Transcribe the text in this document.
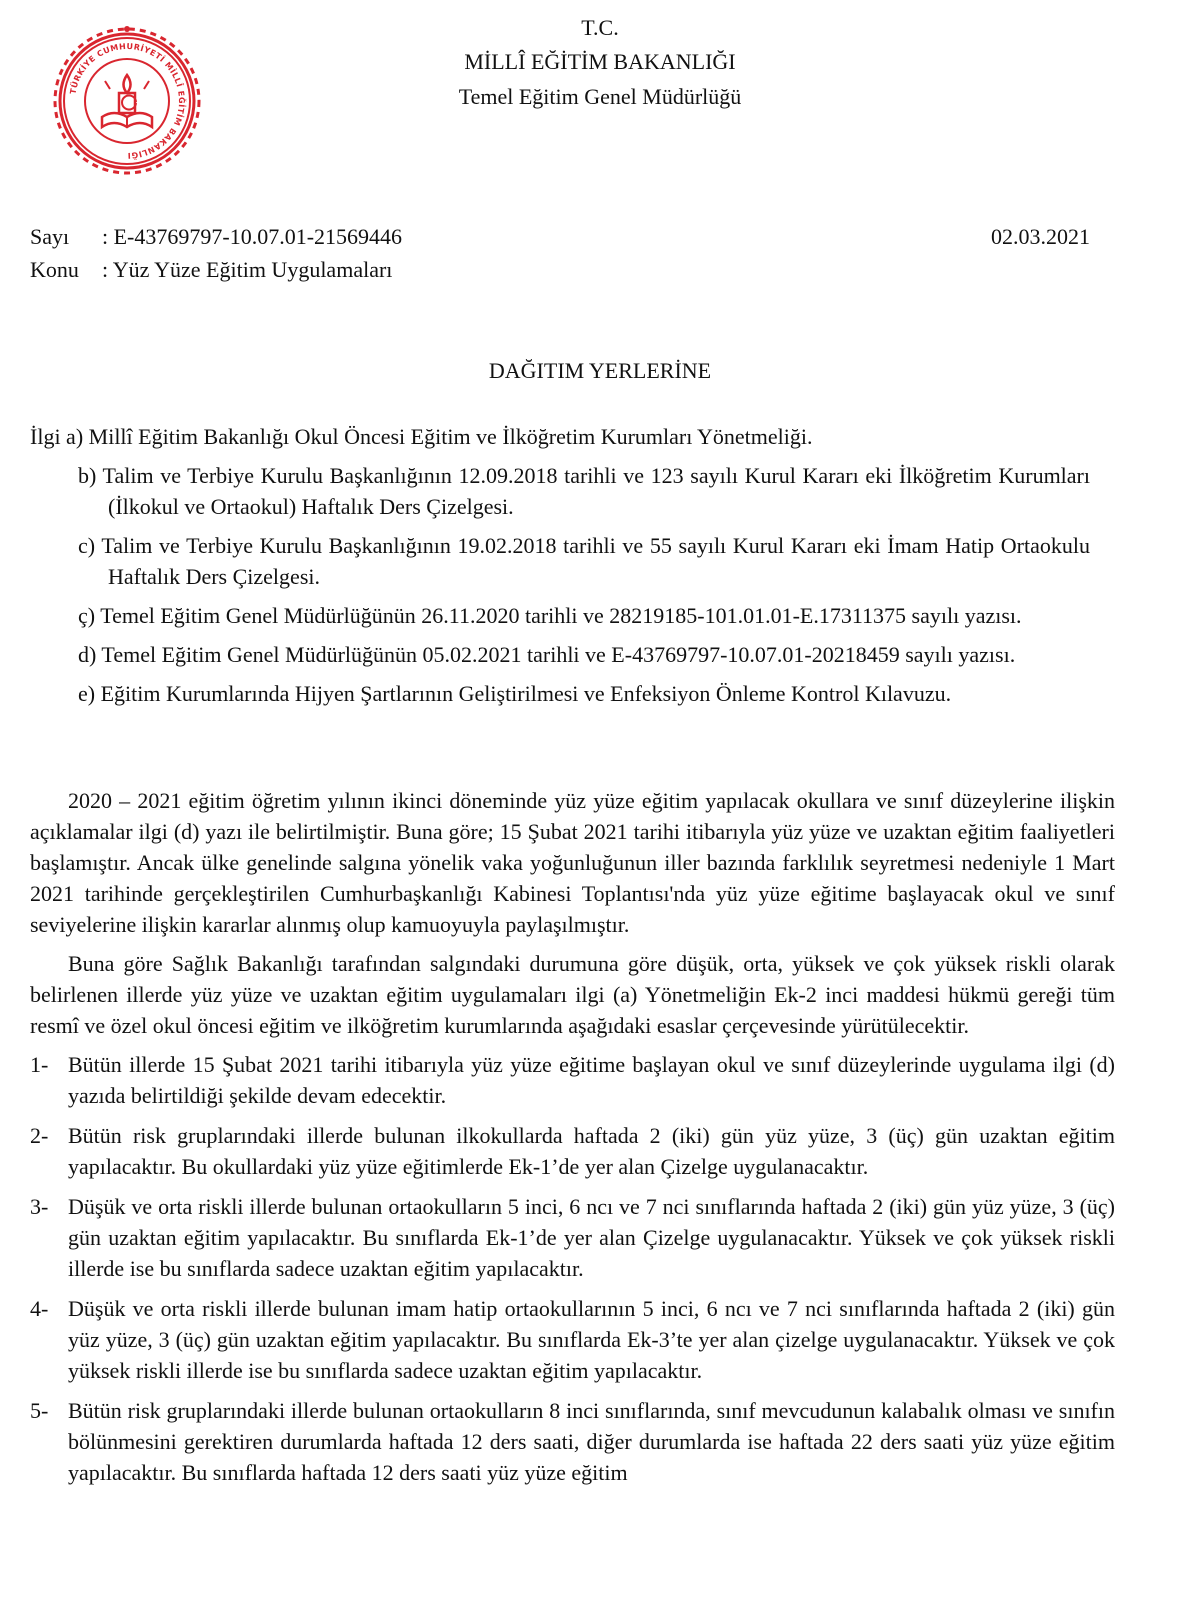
TÜRKİYE CUMHURİYETİ MİLLÎ EĞİTİM BAKANLIĞI
T.C.
MİLLÎ EĞİTİM BAKANLIĞI
Temel Eğitim Genel Müdürlüğü
Sayı : E-43769797-10.07.01-21569446	02.03.2021
Konu : Yüz Yüze Eğitim Uygulamaları
DAĞITIM YERLERİNE

İlgi a) Millî Eğitim Bakanlığı Okul Öncesi Eğitim ve İlköğretim Kurumları Yönetmeliği.

b) Talim ve Terbiye Kurulu Başkanlığının 12.09.2018 tarihli ve 123 sayılı Kurul Kararı eki İlköğretim Kurumları (İlkokul ve Ortaokul) Haftalık Ders Çizelgesi.

c) Talim ve Terbiye Kurulu Başkanlığının 19.02.2018 tarihli ve 55 sayılı Kurul Kararı eki İmam Hatip Ortaokulu Haftalık Ders Çizelgesi.

ç) Temel Eğitim Genel Müdürlüğünün 26.11.2020 tarihli ve 28219185-101.01.01-E.17311375 sayılı yazısı.

d) Temel Eğitim Genel Müdürlüğünün 05.02.2021 tarihli ve E-43769797-10.07.01-20218459 sayılı yazısı.

e) Eğitim Kurumlarında Hijyen Şartlarının Geliştirilmesi ve Enfeksiyon Önleme Kontrol Kılavuzu.

2020 – 2021 eğitim öğretim yılının ikinci döneminde yüz yüze eğitim yapılacak okullara ve sınıf düzeylerine ilişkin açıklamalar ilgi (d) yazı ile belirtilmiştir. Buna göre; 15 Şubat 2021 tarihi itibarıyla yüz yüze ve uzaktan eğitim faaliyetleri başlamıştır. Ancak ülke genelinde salgına yönelik vaka yoğunluğunun iller bazında farklılık seyretmesi nedeniyle 1 Mart 2021 tarihinde gerçekleştirilen Cumhurbaşkanlığı Kabinesi Toplantısı'nda yüz yüze eğitime başlayacak okul ve sınıf seviyelerine ilişkin kararlar alınmış olup kamuoyuyla paylaşılmıştır.

Buna göre Sağlık Bakanlığı tarafından salgındaki durumuna göre düşük, orta, yüksek ve çok yüksek riskli olarak belirlenen illerde yüz yüze ve uzaktan eğitim uygulamaları ilgi (a) Yönetmeliğin Ek-2 inci maddesi hükmü gereği tüm resmî ve özel okul öncesi eğitim ve ilköğretim kurumlarında aşağıdaki esaslar çerçevesinde yürütülecektir.

1- Bütün illerde 15 Şubat 2021 tarihi itibarıyla yüz yüze eğitime başlayan okul ve sınıf düzeylerinde uygulama ilgi (d) yazıda belirtildiği şekilde devam edecektir.
2- Bütün risk gruplarındaki illerde bulunan ilkokullarda haftada 2 (iki) gün yüz yüze, 3 (üç) gün uzaktan eğitim yapılacaktır. Bu okullardaki yüz yüze eğitimlerde Ek-1’de yer alan Çizelge uygulanacaktır.
3- Düşük ve orta riskli illerde bulunan ortaokulların 5 inci, 6 ncı ve 7 nci sınıflarında haftada 2 (iki) gün yüz yüze, 3 (üç) gün uzaktan eğitim yapılacaktır. Bu sınıflarda Ek-1’de yer alan Çizelge uygulanacaktır. Yüksek ve çok yüksek riskli illerde ise bu sınıflarda sadece uzaktan eğitim yapılacaktır.
4- Düşük ve orta riskli illerde bulunan imam hatip ortaokullarının 5 inci, 6 ncı ve 7 nci sınıflarında haftada 2 (iki) gün yüz yüze, 3 (üç) gün uzaktan eğitim yapılacaktır. Bu sınıflarda Ek-3’te yer alan çizelge uygulanacaktır. Yüksek ve çok yüksek riskli illerde ise bu sınıflarda sadece uzaktan eğitim yapılacaktır.
5- Bütün risk gruplarındaki illerde bulunan ortaokulların 8 inci sınıflarında, sınıf mevcudunun kalabalık olması ve sınıfın bölünmesini gerektiren durumlarda haftada 12 ders saati, diğer durumlarda ise haftada 22 ders saati yüz yüze eğitim yapılacaktır. Bu sınıflarda haftada 12 ders saati yüz yüze eğitim
